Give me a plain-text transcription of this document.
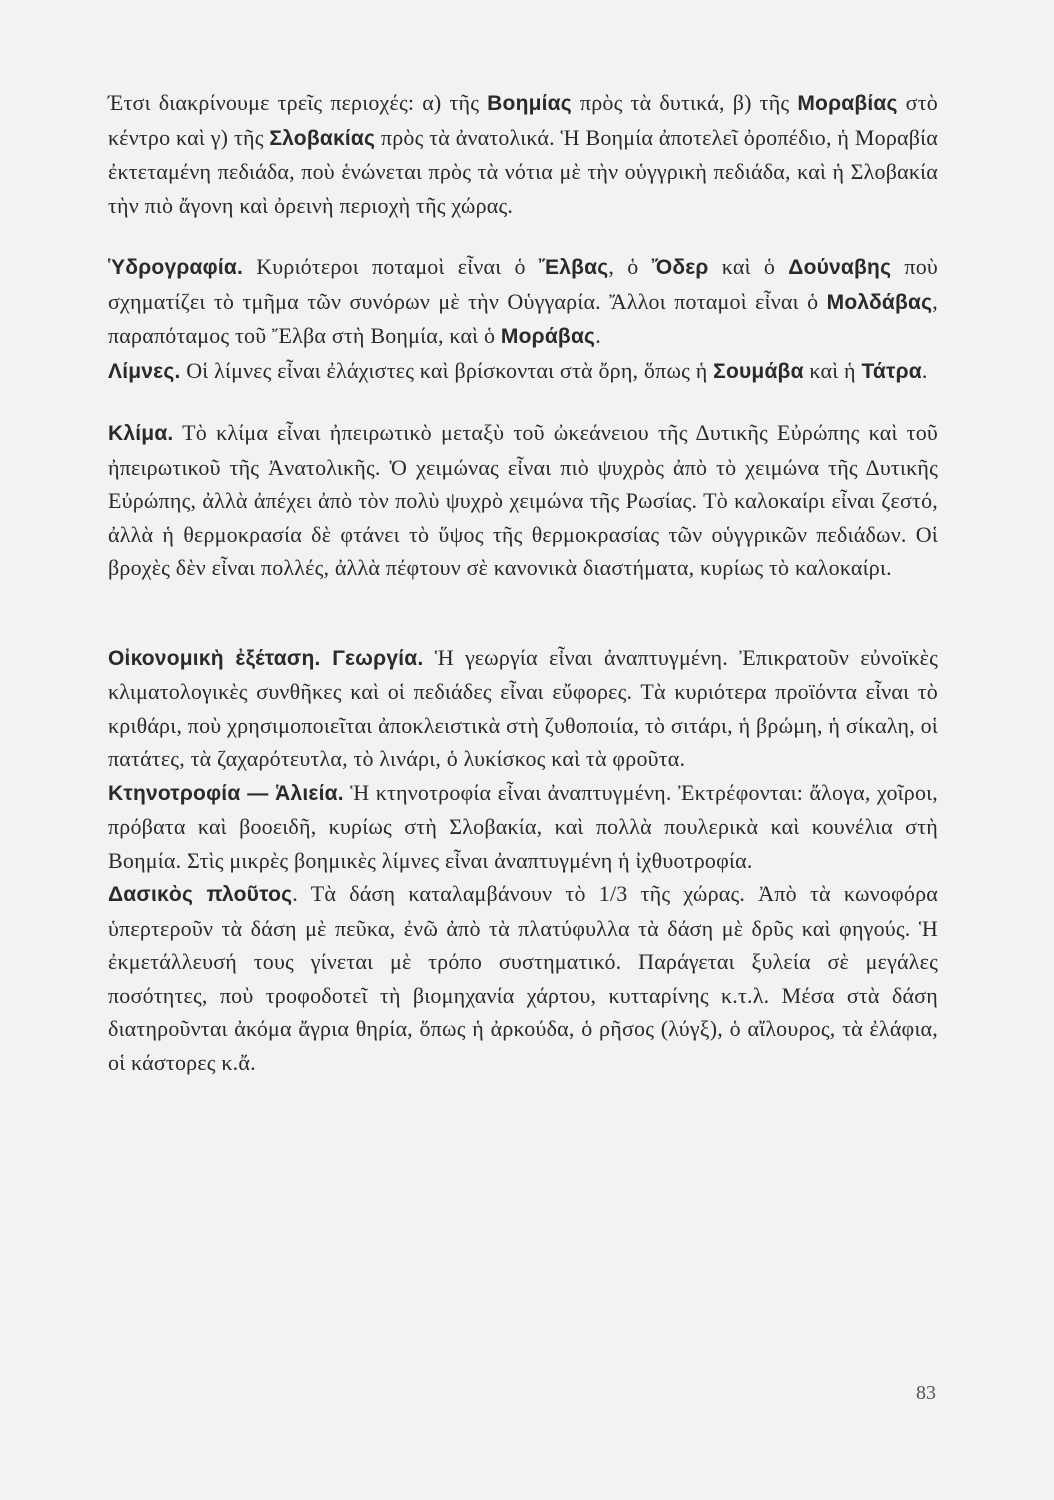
Έτσι διακρίνουμε τρεῖς περιοχές: α) τῆς Βοημίας πρὸς τὰ δυτικά, β) τῆς Μοραβίας στὸ κέντρο καὶ γ) τῆς Σλοβακίας πρὸς τὰ ἀνατολικά. Ἡ Βοημία ἀποτελεῖ ὀροπέδιο, ἡ Μοραβία ἐκτεταμένη πεδιάδα, ποὺ ἑνώνεται πρὸς τὰ νότια μὲ τὴν οὑγγρικὴ πεδιάδα, καὶ ἡ Σλοβακία τὴν πιὸ ἄγονη καὶ ὀρεινὴ περιοχὴ τῆς χώρας.

Ὑδρογραφία. Κυριότεροι ποταμοὶ εἶναι ὁ Ἔλβας, ὁ Ὄδερ καὶ ὁ Δούναβης ποὺ σχηματίζει τὸ τμῆμα τῶν συνόρων μὲ τὴν Οὑγγαρία. Ἄλλοι ποταμοὶ εἶναι ὁ Μολδάβας, παραπόταμος τοῦ Ἔλβα στὴ Βοημία, καὶ ὁ Μοράβας.

Λίμνες. Οἱ λίμνες εἶναι ἐλάχιστες καὶ βρίσκονται στὰ ὄρη, ὅπως ἡ Σουμάβα καὶ ἡ Τάτρα.

Κλίμα. Τὸ κλίμα εἶναι ἠπειρωτικὸ μεταξὺ τοῦ ὠκεάνειου τῆς Δυτικῆς Εὐρώπης καὶ τοῦ ἠπειρωτικοῦ τῆς Ἀνατολικῆς. Ὁ χειμώνας εἶναι πιὸ ψυχρὸς ἀπὸ τὸ χειμώνα τῆς Δυτικῆς Εὐρώπης, ἀλλὰ ἀπέχει ἀπὸ τὸν πολὺ ψυχρὸ χειμώνα τῆς Ρωσίας. Τὸ καλοκαίρι εἶναι ζεστό, ἀλλὰ ἡ θερμοκρασία δὲ φτάνει τὸ ὕψος τῆς θερμοκρασίας τῶν οὑγγρικῶν πεδιάδων. Οἱ βροχὲς δὲν εἶναι πολλές, ἀλλὰ πέφτουν σὲ κανονικὰ διαστήματα, κυρίως τὸ καλοκαίρι.

Οἰκονομικὴ ἐξέταση. Γεωργία. Ἡ γεωργία εἶναι ἀναπτυγμένη. Ἐπικρατοῦν εὐνοϊκὲς κλιματολογικὲς συνθῆκες καὶ οἱ πεδιάδες εἶναι εὔφορες. Τὰ κυριότερα προϊόντα εἶναι τὸ κριθάρι, ποὺ χρησιμοποιεῖται ἀποκλειστικὰ στὴ ζυθοποιία, τὸ σιτάρι, ἡ βρώμη, ἡ σίκαλη, οἱ πατάτες, τὰ ζαχαρότευτλα, τὸ λινάρι, ὁ λυκίσκος καὶ τὰ φροῦτα.

Κτηνοτροφία — Ἁλιεία. Ἡ κτηνοτροφία εἶναι ἀναπτυγμένη. Ἐκτρέφονται: ἄλογα, χοῖροι, πρόβατα καὶ βοοειδῆ, κυρίως στὴ Σλοβακία, καὶ πολλὰ πουλερικὰ καὶ κουνέλια στὴ Βοημία. Στὶς μικρὲς βοημικὲς λίμνες εἶναι ἀναπτυγμένη ἡ ἰχθυοτροφία.

Δασικὸς πλοῦτος. Τὰ δάση καταλαμβάνουν τὸ 1/3 τῆς χώρας. Ἀπὸ τὰ κωνοφόρα ὑπερτεροῦν τὰ δάση μὲ πεῦκα, ἐνῶ ἀπὸ τὰ πλατύφυλλα τὰ δάση μὲ δρῦς καὶ φηγούς. Ἡ ἐκμετάλλευσή τους γίνεται μὲ τρόπο συστηματικό. Παράγεται ξυλεία σὲ μεγάλες ποσότητες, ποὺ τροφοδοτεῖ τὴ βιομηχανία χάρτου, κυτταρίνης κ.τ.λ. Μέσα στὰ δάση διατηροῦνται ἀκόμα ἄγρια θηρία, ὅπως ἡ ἀρκούδα, ὁ ρῆσος (λύγξ), ὁ αἴλουρος, τὰ ἐλάφια, οἱ κάστορες κ.ἄ.

83
